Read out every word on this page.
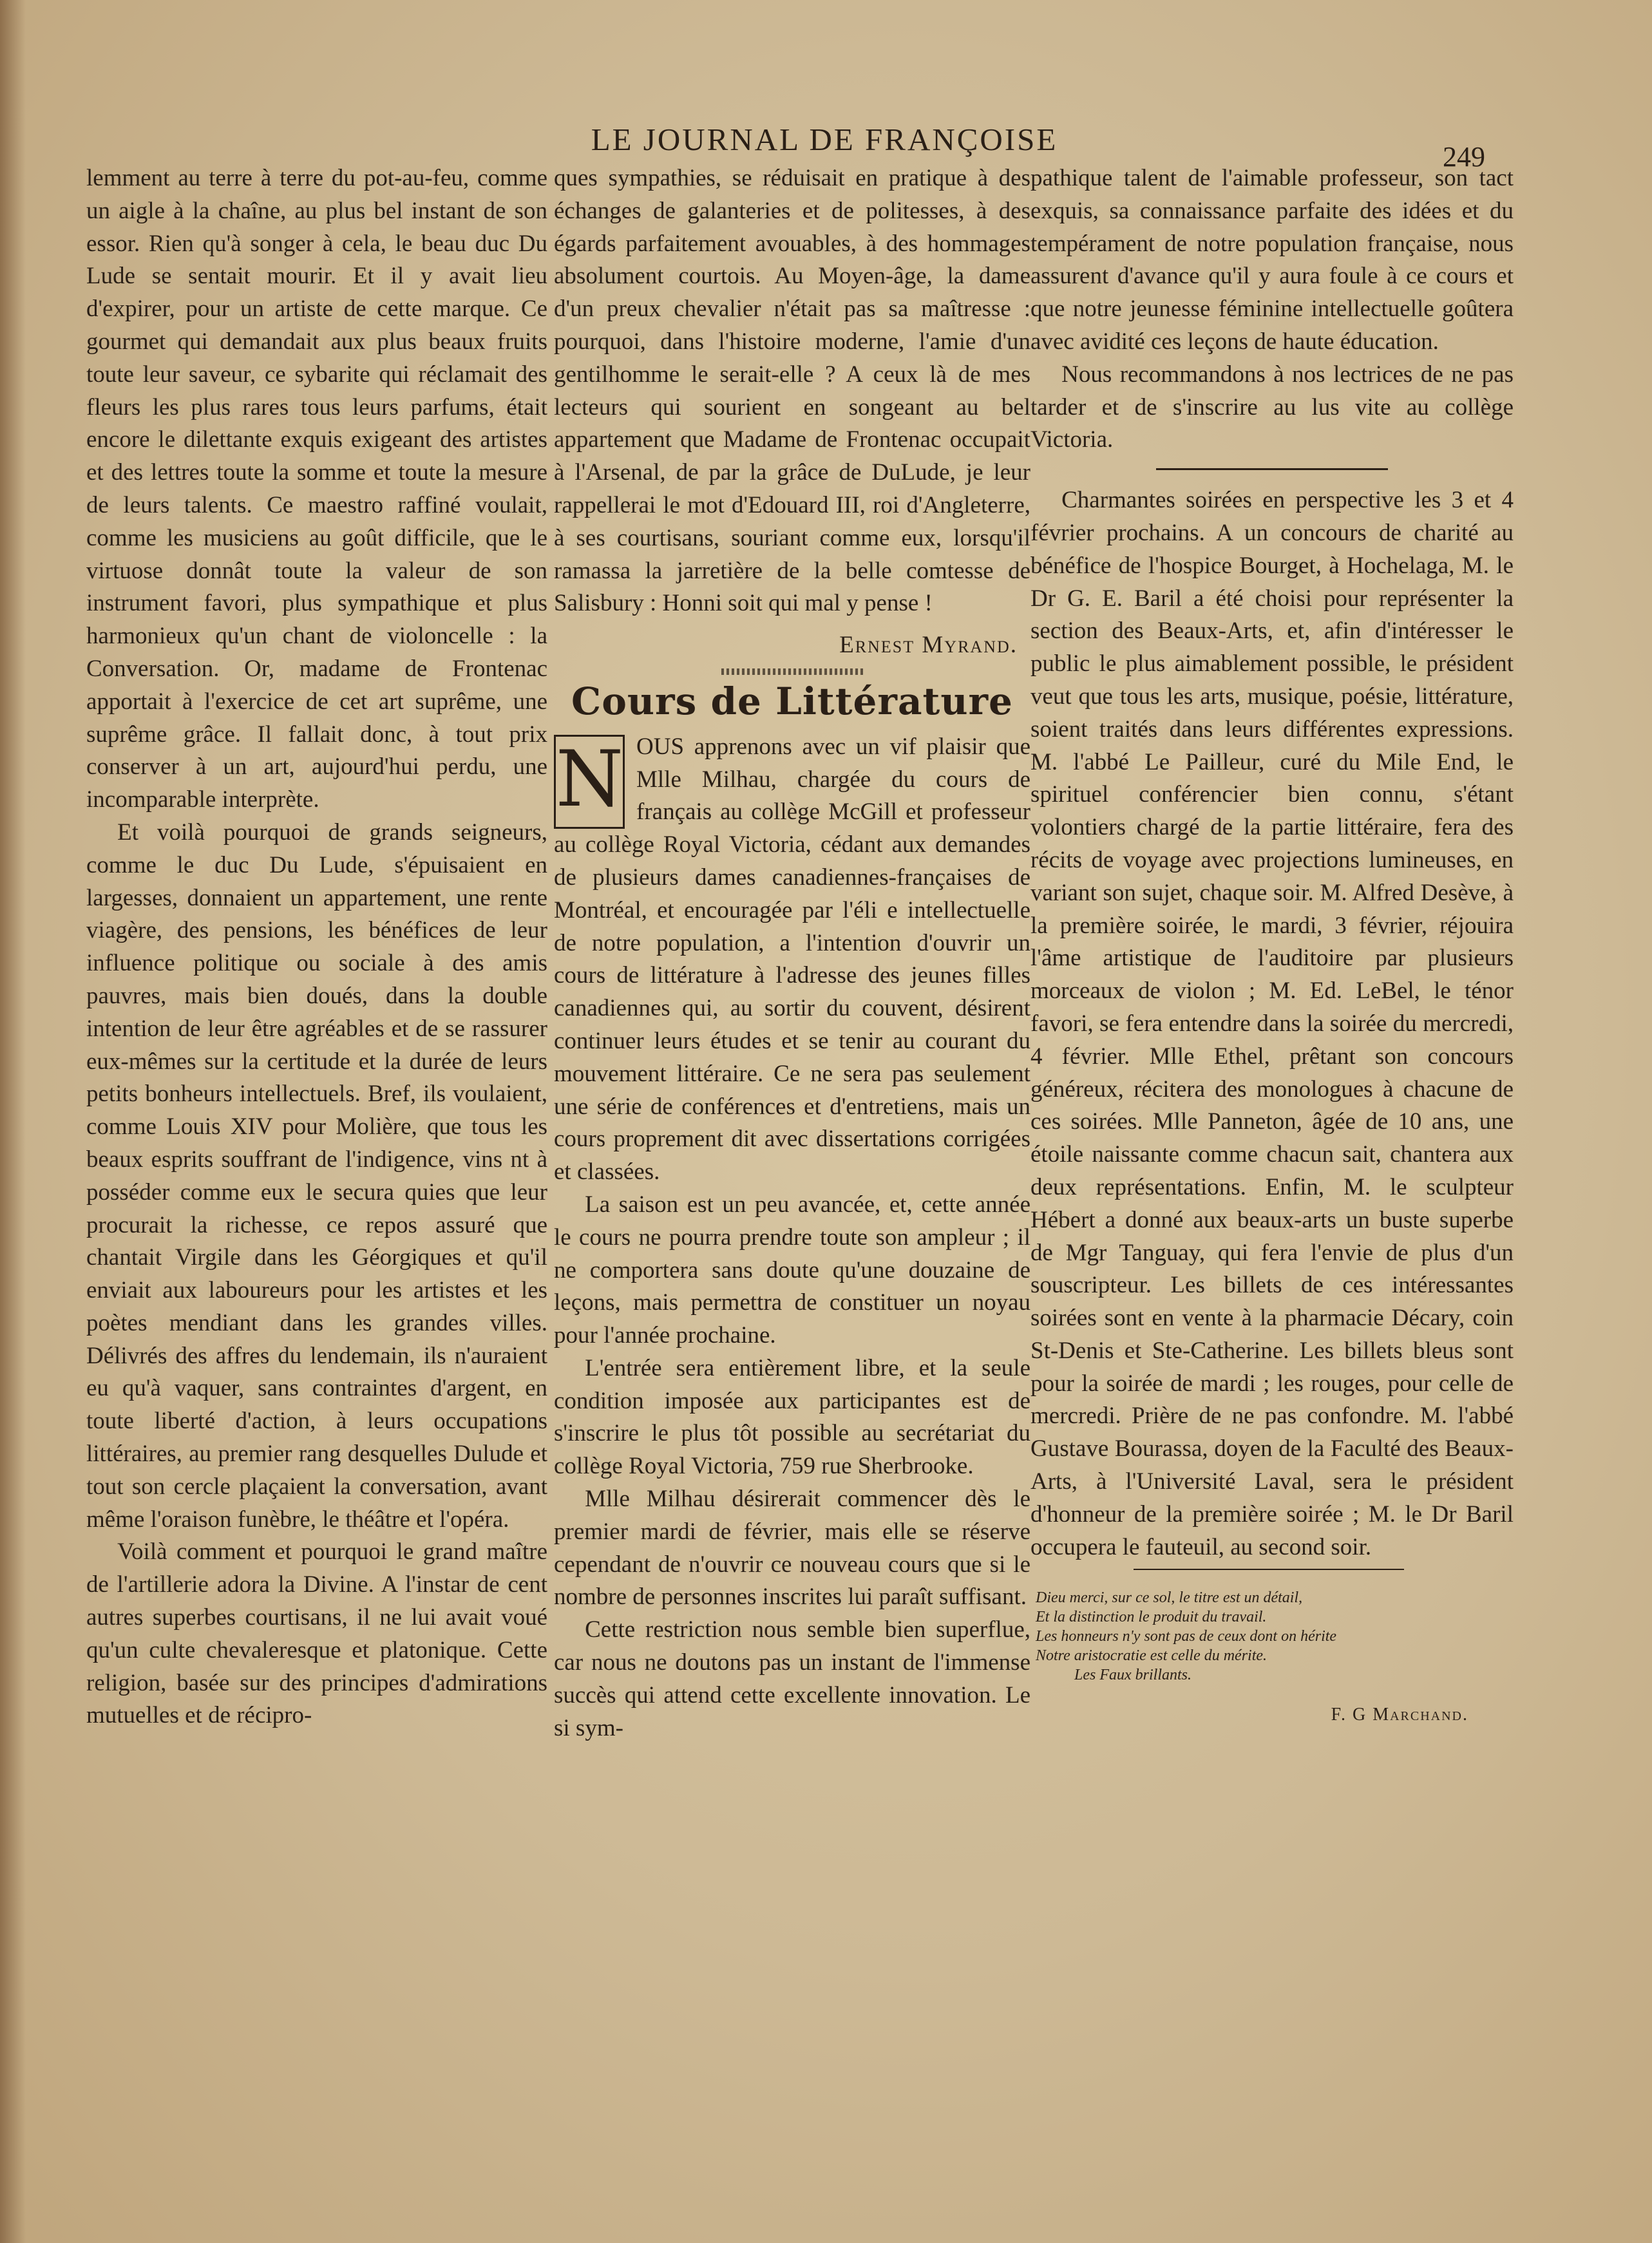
LE JOURNAL DE FRANÇOISE	249

lemment au terre à terre du pot-au-feu, comme un aigle à la chaîne, au plus bel instant de son essor. Rien qu'à songer à cela, le beau duc Du Lude se sentait mourir. Et il y avait lieu d'expirer, pour un artiste de cette marque. Ce gourmet qui demandait aux plus beaux fruits toute leur saveur, ce sybarite qui réclamait des fleurs les plus rares tous leurs parfums, était encore le dilettante exquis exigeant des artistes et des lettres toute la somme et toute la mesure de leurs talents. Ce maestro raffiné voulait, comme les musiciens au goût difficile, que le virtuose donnât toute la valeur de son instrument favori, plus sympathique et plus harmonieux qu'un chant de violoncelle : la Conversation. Or, madame de Frontenac apportait à l'exercice de cet art suprême, une suprême grâce. Il fallait donc, à tout prix conserver à un art, aujourd'hui perdu, une incomparable interprète.

Et voilà pourquoi de grands seigneurs, comme le duc Du Lude, s'épuisaient en largesses, donnaient un appartement, une rente viagère, des pensions, les bénéfices de leur influence politique ou sociale à des amis pauvres, mais bien doués, dans la double intention de leur être agréables et de se rassurer eux-mêmes sur la certitude et la durée de leurs petits bonheurs intellectuels. Bref, ils voulaient, comme Louis XIV pour Molière, que tous les beaux esprits souffrant de l'indigence, vins nt à posséder comme eux le secura quies que leur procurait la richesse, ce repos assuré que chantait Virgile dans les Géorgiques et qu'il enviait aux laboureurs pour les artistes et les poètes mendiant dans les grandes villes. Délivrés des affres du lendemain, ils n'auraient eu qu'à vaquer, sans contraintes d'argent, en toute liberté d'action, à leurs occupations littéraires, au premier rang desquelles Dulude et tout son cercle plaçaient la conversation, avant même l'oraison funèbre, le théâtre et l'opéra.

Voilà comment et pourquoi le grand maître de l'artillerie adora la Divine. A l'instar de cent autres superbes courtisans, il ne lui avait voué qu'un culte chevaleresque et platonique. Cette religion, basée sur des principes d'admirations mutuelles et de récipro-

ques sympathies, se réduisait en pratique à des échanges de galanteries et de politesses, à des égards parfaitement avouables, à des hommages absolument courtois. Au Moyen-âge, la dame d'un preux chevalier n'était pas sa maîtresse : pourquoi, dans l'histoire moderne, l'amie d'un gentilhomme le serait-elle ? A ceux là de mes lecteurs qui sourient en songeant au bel appartement que Madame de Frontenac occupait à l'Arsenal, de par la grâce de DuLude, je leur rappellerai le mot d'Edouard III, roi d'Angleterre, à ses courtisans, souriant comme eux, lorsqu'il ramassa la jarretière de la belle comtesse de Salisbury : Honni soit qui mal y pense !

Ernest Myrand.

Cours de Littérature

N OUS apprenons avec un vif plaisir que Mlle Milhau, chargée du cours de français au collège McGill et professeur au collège Royal Victoria, cédant aux demandes de plusieurs dames canadiennes-françaises de Montréal, et encouragée par l'éli e intellectuelle de notre population, a l'intention d'ouvrir un cours de littérature à l'adresse des jeunes filles canadiennes qui, au sortir du couvent, désirent continuer leurs études et se tenir au courant du mouvement littéraire. Ce ne sera pas seulement une série de conférences et d'entretiens, mais un cours proprement dit avec dissertations corrigées et classées.

La saison est un peu avancée, et, cette année le cours ne pourra prendre toute son ampleur ; il ne comportera sans doute qu'une douzaine de leçons, mais permettra de constituer un noyau pour l'année prochaine.

L'entrée sera entièrement libre, et la seule condition imposée aux participantes est de s'inscrire le plus tôt possible au secrétariat du collège Royal Victoria, 759 rue Sherbrooke.

Mlle Milhau désirerait commencer dès le premier mardi de février, mais elle se réserve cependant de n'ouvrir ce nouveau cours que si le nombre de personnes inscrites lui paraît suffisant.

Cette restriction nous semble bien superflue, car nous ne doutons pas un instant de l'immense succès qui attend cette excellente innovation. Le si sym-

pathique talent de l'aimable professeur, son tact exquis, sa connaissance parfaite des idées et du tempérament de notre population française, nous assurent d'avance qu'il y aura foule à ce cours et que notre jeunesse féminine intellectuelle goûtera avec avidité ces leçons de haute éducation.

Nous recommandons à nos lectrices de ne pas tarder et de s'inscrire au lus vite au collège Victoria.

Charmantes soirées en perspective les 3 et 4 février prochains. A un concours de charité au bénéfice de l'hospice Bourget, à Hochelaga, M. le Dr G. E. Baril a été choisi pour représenter la section des Beaux-Arts, et, afin d'intéresser le public le plus aimablement possible, le président veut que tous les arts, musique, poésie, littérature, soient traités dans leurs différentes expressions. M. l'abbé Le Pailleur, curé du Mile End, le spirituel conférencier bien connu, s'étant volontiers chargé de la partie littéraire, fera des récits de voyage avec projections lumineuses, en variant son sujet, chaque soir. M. Alfred Desève, à la première soirée, le mardi, 3 février, réjouira l'âme artistique de l'auditoire par plusieurs morceaux de violon ; M. Ed. LeBel, le ténor favori, se fera entendre dans la soirée du mercredi, 4 février. Mlle Ethel, prêtant son concours généreux, récitera des monologues à chacune de ces soirées. Mlle Panneton, âgée de 10 ans, une étoile naissante comme chacun sait, chantera aux deux représentations. Enfin, M. le sculpteur Hébert a donné aux beaux-arts un buste superbe de Mgr Tanguay, qui fera l'envie de plus d'un souscripteur. Les billets de ces intéressantes soirées sont en vente à la pharmacie Décary, coin St-Denis et Ste-Catherine. Les billets bleus sont pour la soirée de mardi ; les rouges, pour celle de mercredi. Prière de ne pas confondre. M. l'abbé Gustave Bourassa, doyen de la Faculté des Beaux-Arts, à l'Université Laval, sera le président d'honneur de la première soirée ; M. le Dr Baril occupera le fauteuil, au second soir.

Dieu merci, sur ce sol, le titre est un détail,
Et la distinction le produit du travail.
Les honneurs n'y sont pas de ceux dont on hérite
Notre aristocratie est celle du mérite.
Les Faux brillants.
F. G Marchand.
